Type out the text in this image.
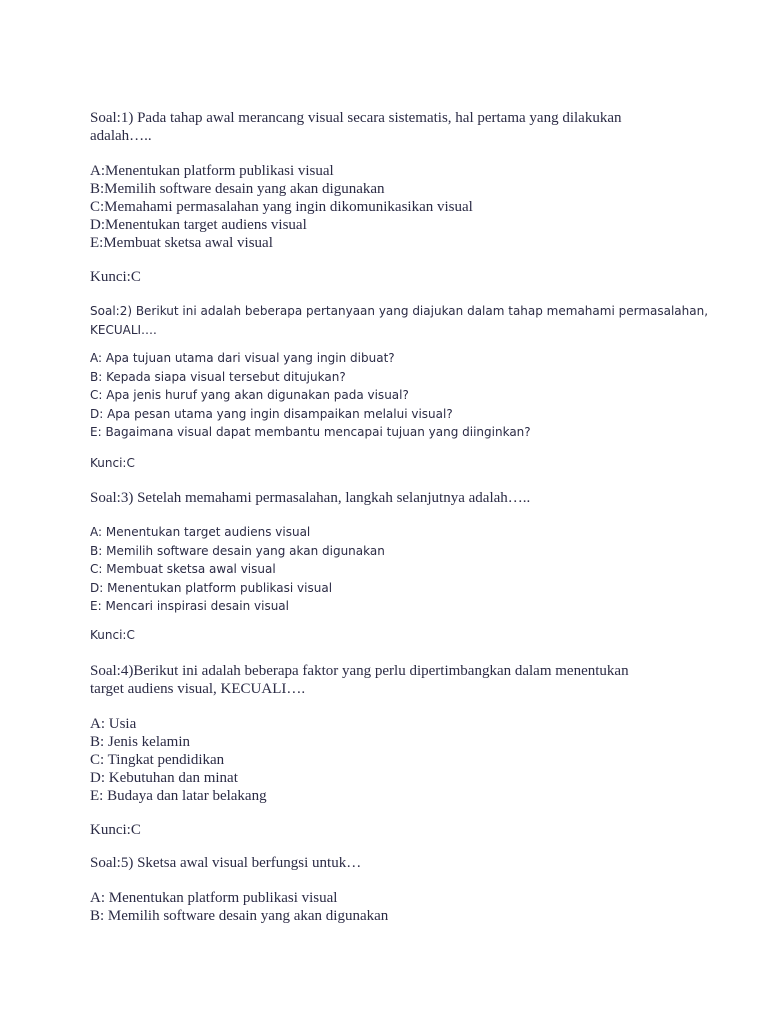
Soal:1) Pada tahap awal merancang visual secara sistematis, hal pertama yang dilakukan
adalah…..
A:Menentukan platform publikasi visual
B:Memilih software desain yang akan digunakan
C:Memahami permasalahan yang ingin dikomunikasikan visual
D:Menentukan target audiens visual
E:Membuat sketsa awal visual
Kunci:C
Soal:2) Berikut ini adalah beberapa pertanyaan yang diajukan dalam tahap memahami permasalahan,
KECUALI….
A: Apa tujuan utama dari visual yang ingin dibuat?
B: Kepada siapa visual tersebut ditujukan?
C: Apa jenis huruf yang akan digunakan pada visual?
D: Apa pesan utama yang ingin disampaikan melalui visual?
E: Bagaimana visual dapat membantu mencapai tujuan yang diinginkan?
Kunci:C
Soal:3) Setelah memahami permasalahan, langkah selanjutnya adalah…..
A: Menentukan target audiens visual
B: Memilih software desain yang akan digunakan
C: Membuat sketsa awal visual
D: Menentukan platform publikasi visual
E: Mencari inspirasi desain visual
Kunci:C
Soal:4)Berikut ini adalah beberapa faktor yang perlu dipertimbangkan dalam menentukan
target audiens visual, KECUALI….
A: Usia
B: Jenis kelamin
C: Tingkat pendidikan
D: Kebutuhan dan minat
E: Budaya dan latar belakang
Kunci:C
Soal:5) Sketsa awal visual berfungsi untuk…
A: Menentukan platform publikasi visual
B: Memilih software desain yang akan digunakan
